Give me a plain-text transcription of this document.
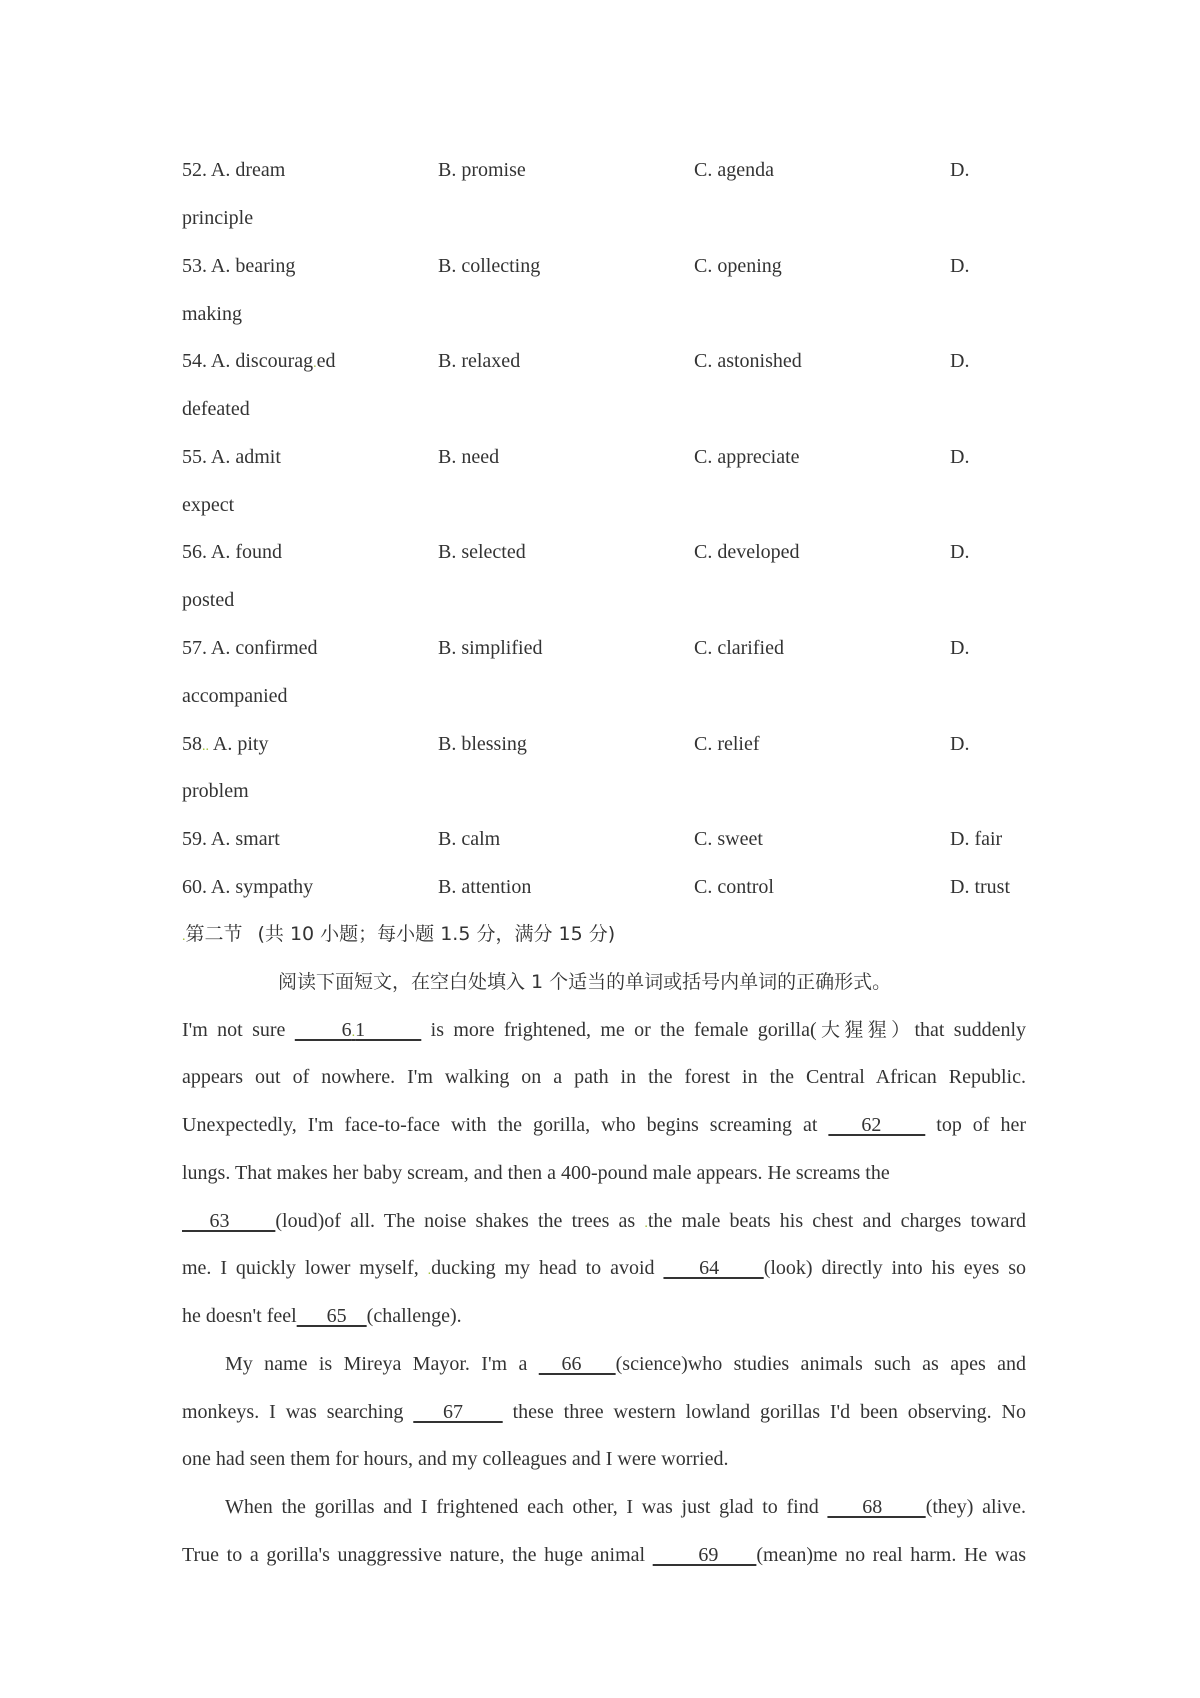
52. A. dream	B. promise	C. agenda	D.
principle
53. A. bearing	B. collecting	C. opening	D.
making
54. A. discourag.ed	B. relaxed	C. astonished	D.
defeated
55. A. admit	B. need	C. appreciate	D.
expect
56. A. found	B. selected	C. developed	D.
posted
57. A. confirmed	B. simplified	C. clarified	D.
accompanied
58.. A. pity	B. blessing	C. relief	D.
problem
59. A. smart	B. calm	C. sweet	D. fair
60. A. sympathy	B. attention	C. control	D. trust
.第二节 (共 10 小题；每小题 1.5 分，满分 15 分)
阅读下面短文，在空白处填入 1 个适当的单词或括号内单词的正确形式。
I'm not sure      6.1       is more frightened, me or the female gorilla(大猩猩）that suddenly
appears out of nowhere. I'm walking on a path in the forest in the Central African Republic.
Unexpectedly, I'm face-to-face with the gorilla, who begins screaming at    62     top of her
lungs. That makes her baby scream, and then a 400-pound male appears. He screams the
63     (loud)of all. The noise shakes the trees as .the male beats his chest and charges toward
me. I quickly lower myself, .ducking my head to avoid     64     (look) directly into his eyes so
he doesn't feel      65    (challenge).
My name is Mireya Mayor. I'm a   66   (science)who studies animals such as apes and
monkeys. I was searching    67     these three western lowland gorillas I'd been observing. No
one had seen them for hours, and my colleagues and I were worried.
When the gorillas and I frightened each other, I was just glad to find     68     (they) alive.
True to a gorilla's unaggressive nature, the huge animal       69     (mean)me no real harm. He was
